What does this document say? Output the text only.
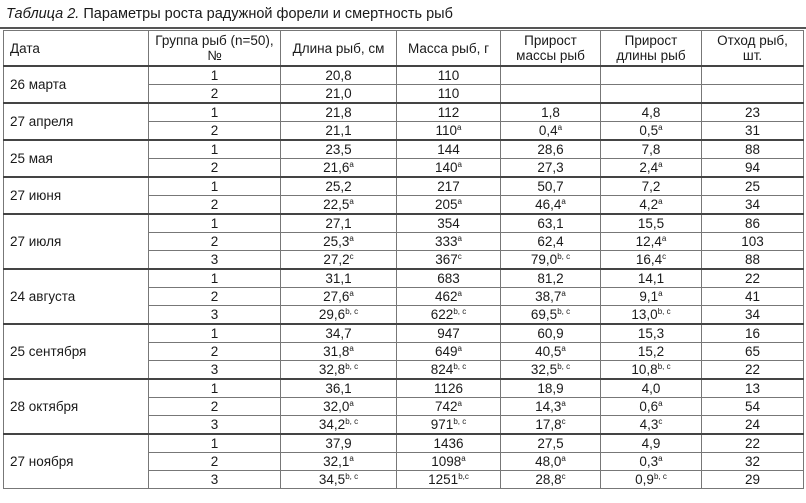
Таблица 2. Параметры роста радужной форели и смертность рыб
Дата	Группа рыб (n=50), №	Длина рыб, см	Масса рыб, г	Прирост массы рыб	Прирост длины рыб	Отход рыб, шт.
26 марта	1	20,8	110			
	2	21,0	110			
27 апреля	1	21,8	112	1,8	4,8	23
	2	21,1	110$^a$	0,4$^a$	0,5$^a$	31
25 мая	1	23,5	144	28,6	7,8	88
	2	21,6$^a$	140$^a$	27,3	2,4$^a$	94
27 июня	1	25,2	217	50,7	7,2	25
	2	22,5$^a$	205$^a$	46,4$^a$	4,2$^a$	34
27 июля	1	27,1	354	63,1	15,5	86
	2	25,3$^a$	333$^a$	62,4	12,4$^a$	103
	3	27,2$^c$	367$^c$	79,0$^{b, c}$	16,4$^c$	88
24 августа	1	31,1	683	81,2	14,1	22
	2	27,6$^a$	462$^a$	38,7$^a$	9,1$^a$	41
	3	29,6$^{b, c}$	622$^{b, c}$	69,5$^{b, c}$	13,0$^{b, c}$	34
25 сентября	1	34,7	947	60,9	15,3	16
	2	31,8$^a$	649$^a$	40,5$^a$	15,2	65
	3	32,8$^{b, c}$	824$^{b, c}$	32,5$^{b, c}$	10,8$^{b, c}$	22
28 октября	1	36,1	1126	18,9	4,0	13
	2	32,0$^a$	742$^a$	14,3$^a$	0,6$^a$	54
	3	34,2$^{b, c}$	971$^{b, c}$	17,8$^c$	4,3$^c$	24
27 ноября	1	37,9	1436	27,5	4,9	22
	2	32,1$^a$	1098$^a$	48,0$^a$	0,3$^a$	32
	3	34,5$^{b, c}$	1251$^{b,c}$	28,8$^c$	0,9$^{b, c}$	29
